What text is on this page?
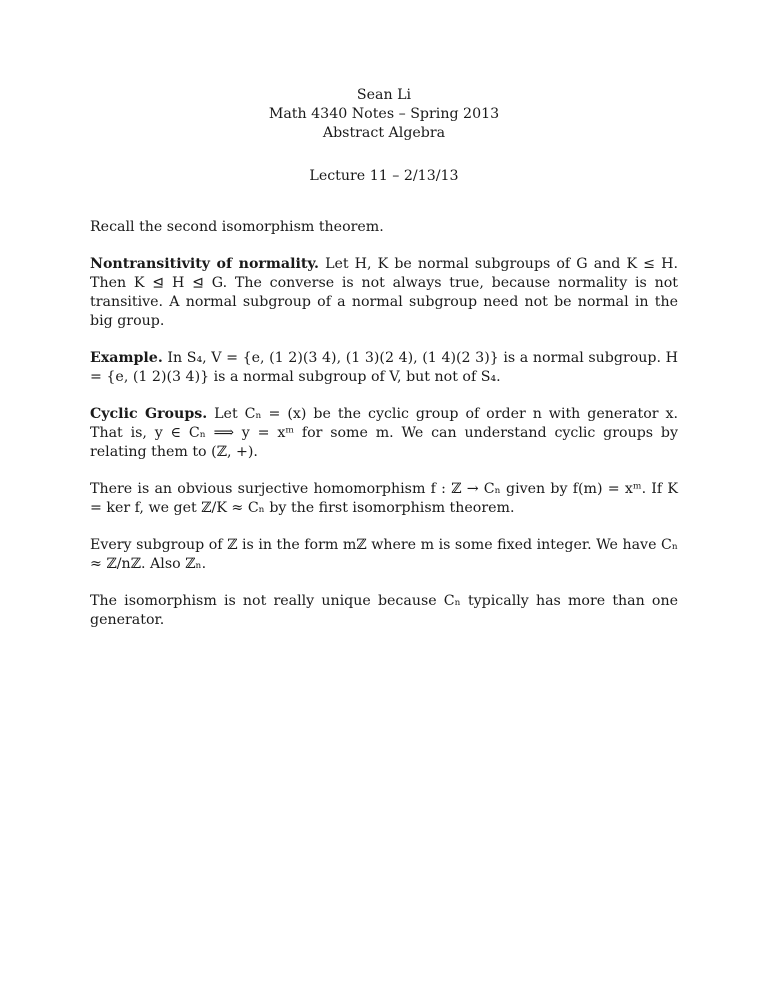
Sean Li
Math 4340 Notes – Spring 2013
Abstract Algebra
Lecture 11 – 2/13/13

Recall the second isomorphism theorem.

Nontransitivity of normality. Let H, K be normal subgroups of G and K ≤ H. Then K ⊴ H ⊴ G. The converse is not always true, because normality is not transitive. A normal subgroup of a normal subgroup need not be normal in the big group.

Example. In S₄, V = {e, (1 2)(3 4), (1 3)(2 4), (1 4)(2 3)} is a normal subgroup. H = {e, (1 2)(3 4)} is a normal subgroup of V, but not of S₄.

Cyclic Groups. Let Cₙ = (x) be the cyclic group of order n with generator x. That is, y ∈ Cₙ ⟹ y = xᵐ for some m. We can understand cyclic groups by relating them to (ℤ, +).

There is an obvious surjective homomorphism f : ℤ → Cₙ given by f(m) = xᵐ. If K = ker f, we get ℤ/K ≈ Cₙ by the first isomorphism theorem.

Every subgroup of ℤ is in the form mℤ where m is some fixed integer. We have Cₙ ≈ ℤ/nℤ. Also ℤₙ.

The isomorphism is not really unique because Cₙ typically has more than one generator.
